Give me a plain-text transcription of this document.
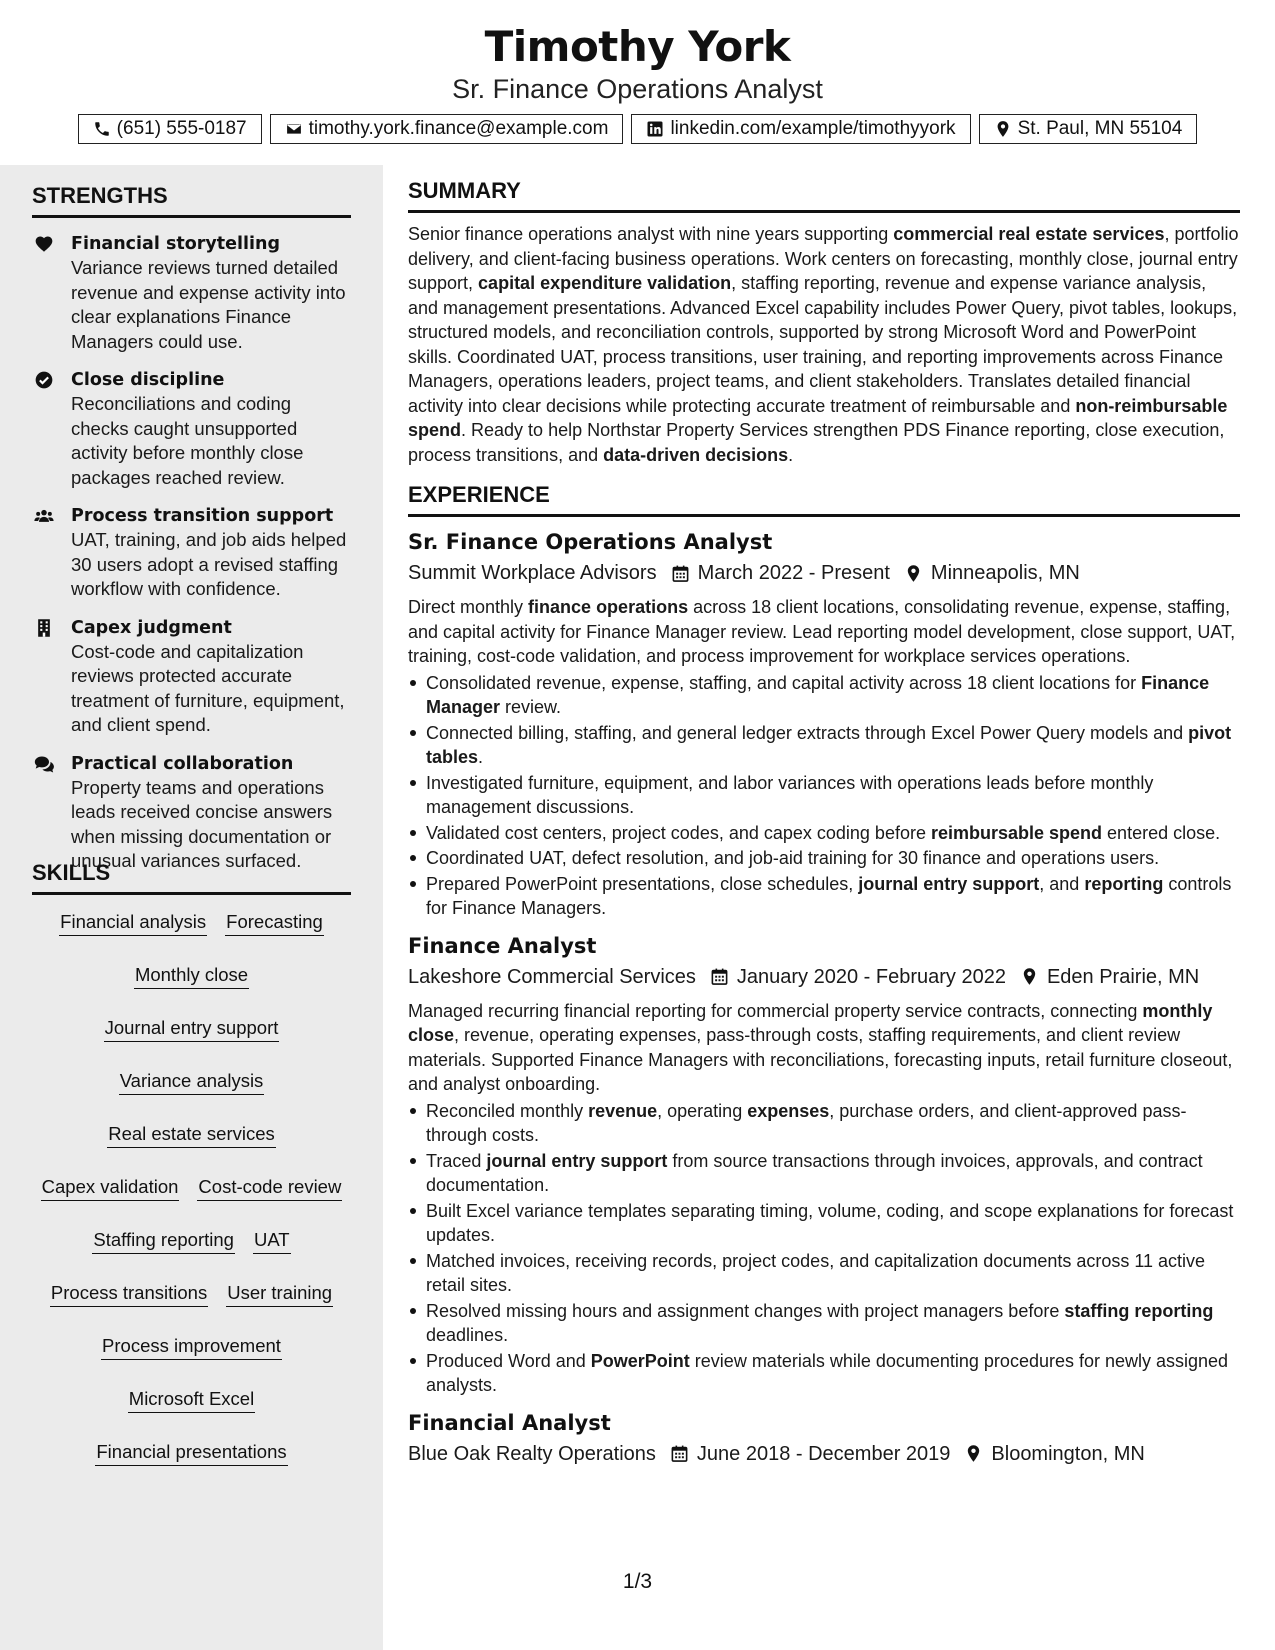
Timothy York
Sr. Finance Operations Analyst
(651) 555-0187	timothy.york.finance@example.com	linkedin.com/example/timothyyork	St. Paul, MN 55104
STRENGTHS
Financial storytelling
Variance reviews turned detailed revenue and expense activity into clear explanations Finance Managers could use.
Close discipline
Reconciliations and coding checks caught unsupported activity before monthly close packages reached review.
Process transition support
UAT, training, and job aids helped 30 users adopt a revised staffing workflow with confidence.
Capex judgment
Cost-code and capitalization reviews protected accurate treatment of furniture, equipment, and client spend.
Practical collaboration
Property teams and operations leads received concise answers when missing documentation or unusual variances surfaced.
SKILLS
Financial analysis Forecasting
Monthly close
Journal entry support
Variance analysis
Real estate services
Capex validation Cost-code review
Staffing reporting UAT
Process transitions User training
Process improvement
Microsoft Excel
Financial presentations
SUMMARY

Senior finance operations analyst with nine years supporting commercial real estate services, portfolio delivery, and client-facing business operations. Work centers on forecasting, monthly close, journal entry support, capital expenditure validation, staffing reporting, revenue and expense variance analysis, and management presentations. Advanced Excel capability includes Power Query, pivot tables, lookups, structured models, and reconciliation controls, supported by strong Microsoft Word and PowerPoint skills. Coordinated UAT, process transitions, user training, and reporting improvements across Finance Managers, operations leaders, project teams, and client stakeholders. Translates detailed financial activity into clear decisions while protecting accurate treatment of reimbursable and non-reimbursable spend. Ready to help Northstar Property Services strengthen PDS Finance reporting, close execution, process transitions, and data-driven decisions.

EXPERIENCE
Sr. Finance Operations Analyst
Summit Workplace Advisors March 2022 - Present Minneapolis, MN

Direct monthly finance operations across 18 client locations, consolidating revenue, expense, staffing, and capital activity for Finance Manager review. Lead reporting model development, close support, UAT, training, cost-code validation, and process improvement for workplace services operations.

Consolidated revenue, expense, staffing, and capital activity across 18 client locations for Finance Manager review.
Connected billing, staffing, and general ledger extracts through Excel Power Query models and pivot tables.
Investigated furniture, equipment, and labor variances with operations leads before monthly management discussions.
Validated cost centers, project codes, and capex coding before reimbursable spend entered close.
Coordinated UAT, defect resolution, and job-aid training for 30 finance and operations users.
Prepared PowerPoint presentations, close schedules, journal entry support, and reporting controls for Finance Managers.
Finance Analyst
Lakeshore Commercial Services January 2020 - February 2022 Eden Prairie, MN

Managed recurring financial reporting for commercial property service contracts, connecting monthly close, revenue, operating expenses, pass-through costs, staffing requirements, and client review materials. Supported Finance Managers with reconciliations, forecasting inputs, retail furniture closeout, and analyst onboarding.

Reconciled monthly revenue, operating expenses, purchase orders, and client-approved pass-through costs.
Traced journal entry support from source transactions through invoices, approvals, and contract documentation.
Built Excel variance templates separating timing, volume, coding, and scope explanations for forecast updates.
Matched invoices, receiving records, project codes, and capitalization documents across 11 active retail sites.
Resolved missing hours and assignment changes with project managers before staffing reporting deadlines.
Produced Word and PowerPoint review materials while documenting procedures for newly assigned analysts.
Financial Analyst
Blue Oak Realty Operations June 2018 - December 2019 Bloomington, MN
1/3
